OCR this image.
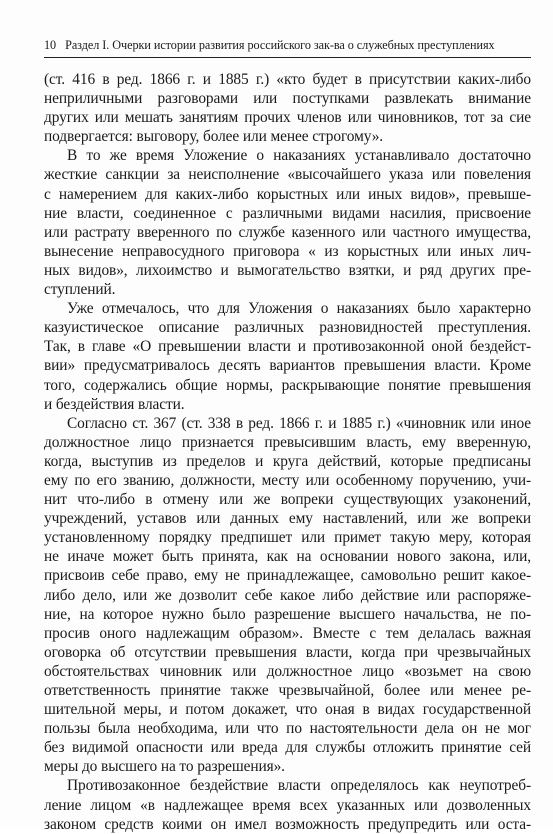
10 Раздел I. Очерки истории развития российского зак-ва о служебных преступлениях
(ст. 416 в ред. 1866 г. и 1885 г.) «кто будет в присутствии каких-либо
неприличными разговорами или поступками развлекать внимание
других или мешать занятиям прочих членов или чиновников, тот за сие
подвергается: выговору, более или менее строгому».
В то же время Уложение о наказаниях устанавливало достаточно
жесткие санкции за неисполнение «высочайшего указа или повеления
с намерением для каких-либо корыстных или иных видов», превыше-
ние власти, соединенное с различными видами насилия, присвоение
или растрату вверенного по службе казенного или частного имущества,
вынесение неправосудного приговора « из корыстных или иных лич-
ных видов», лихоимство и вымогательство взятки, и ряд других пре-
ступлений.
Уже отмечалось, что для Уложения о наказаниях было характерно
казуистическое описание различных разновидностей преступления.
Так, в главе «О превышении власти и противозаконной оной бездейст-
вии» предусматривалось десять вариантов превышения власти. Кроме
того, содержались общие нормы, раскрывающие понятие превышения
и бездействия власти.
Согласно ст. 367 (ст. 338 в ред. 1866 г. и 1885 г.) «чиновник или иное
должностное лицо признается превысившим власть, ему вверенную,
когда, выступив из пределов и круга действий, которые предписаны
ему по его званию, должности, месту или особенному поручению, учи-
нит что-либо в отмену или же вопреки существующих узаконений,
учреждений, уставов или данных ему наставлений, или же вопреки
установленному порядку предпишет или примет такую меру, которая
не иначе может быть принята, как на основании нового закона, или,
присвоив себе право, ему не принадлежащее, самовольно решит какое-
либо дело, или же дозволит себе какое либо действие или распоряже-
ние, на которое нужно было разрешение высшего начальства, не по-
просив оного надлежащим образом». Вместе с тем делалась важная
оговорка об отсутствии превышения власти, когда при чрезвычайных
обстоятельствах чиновник или должностное лицо «возьмет на свою
ответственность принятие также чрезвычайной, более или менее ре-
шительной меры, и потом докажет, что оная в видах государственной
пользы была необходима, или что по настоятельности дела он не мог
без видимой опасности или вреда для службы отложить принятие сей
меры до высшего на то разрешения».
Противозаконное бездействие власти определялось как неупотреб-
ление лицом «в надлежащее время всех указанных или дозволенных
законом средств коими он имел возможность предупредить или оста-
